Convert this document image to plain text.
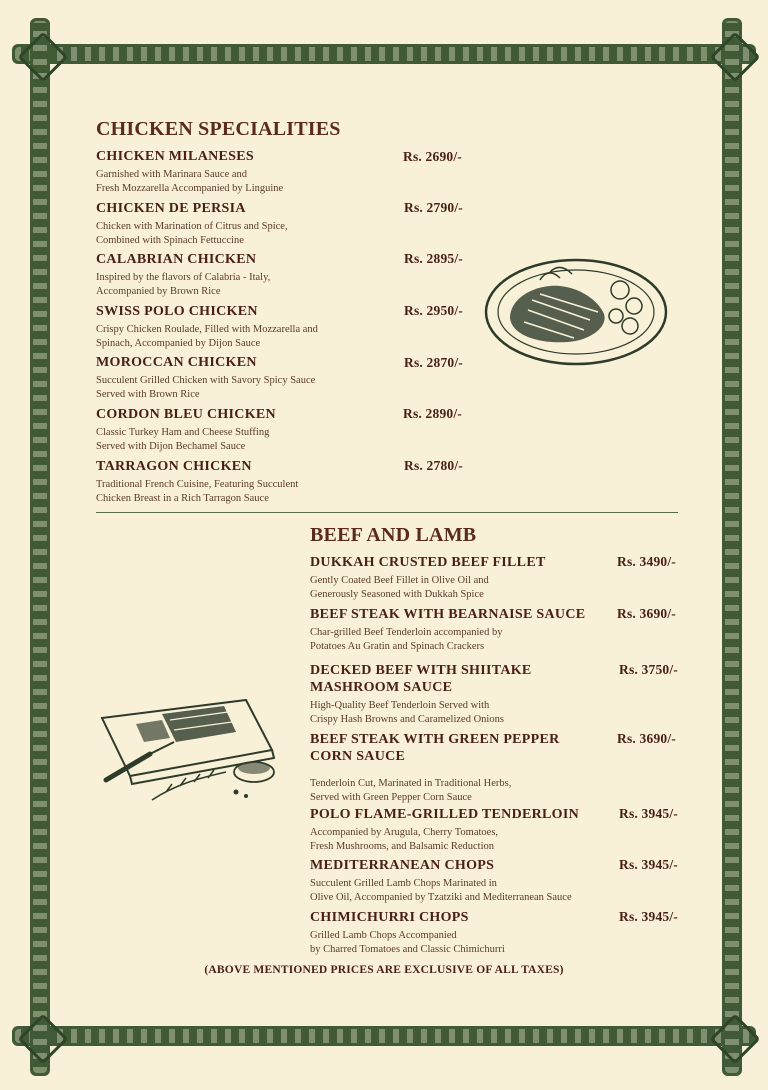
CHICKEN SPECIALITIES
CHICKEN MILANESES
Garnished with Marinara Sauce and
Fresh Mozzarella Accompanied by Linguine
Rs. 2690/-
CHICKEN DE PERSIA
Chicken with Marination of Citrus and Spice,
Combined with Spinach Fettuccine
Rs. 2790/-
CALABRIAN CHICKEN
Inspired by the flavors of Calabria - Italy,
Accompanied by Brown Rice
Rs. 2895/-
SWISS POLO CHICKEN
Crispy Chicken Roulade, Filled with Mozzarella and
Spinach, Accompanied by Dijon Sauce
Rs. 2950/-
MOROCCAN CHICKEN
Succulent Grilled Chicken with Savory Spicy Sauce
Served with Brown Rice
Rs. 2870/-
CORDON BLEU CHICKEN
Classic Turkey Ham and Cheese Stuffing
Served with Dijon Bechamel Sauce
Rs. 2890/-
TARRAGON CHICKEN
Traditional French Cuisine, Featuring Succulent
Chicken Breast in a Rich Tarragon Sauce
Rs. 2780/-
BEEF AND LAMB
DUKKAH CRUSTED BEEF FILLET
Gently Coated Beef Fillet in Olive Oil and
Generously Seasoned with Dukkah Spice
Rs. 3490/-
BEEF STEAK WITH BEARNAISE SAUCE
Char-grilled Beef Tenderloin accompanied by
Potatoes Au Gratin and Spinach Crackers
Rs. 3690/-
DECKED BEEF WITH SHIITAKE
MASHROOM SAUCE
High-Quality Beef Tenderloin Served with
Crispy Hash Browns and Caramelized Onions
Rs. 3750/-
BEEF STEAK WITH GREEN PEPPER
CORN SAUCE
Tenderloin Cut, Marinated in Traditional Herbs,
Served with Green Pepper Corn Sauce
Rs. 3690/-
POLO FLAME-GRILLED TENDERLOIN
Accompanied by Arugula, Cherry Tomatoes,
Fresh Mushrooms, and Balsamic Reduction
Rs. 3945/-
MEDITERRANEAN CHOPS
Succulent Grilled Lamb Chops Marinated in
Olive Oil, Accompanied by Tzatziki and Mediterranean Sauce
Rs. 3945/-
CHIMICHURRI CHOPS
Grilled Lamb Chops Accompanied
by Charred Tomatoes and Classic Chimichurri
Rs. 3945/-
(ABOVE MENTIONED PRICES ARE EXCLUSIVE OF ALL TAXES)
